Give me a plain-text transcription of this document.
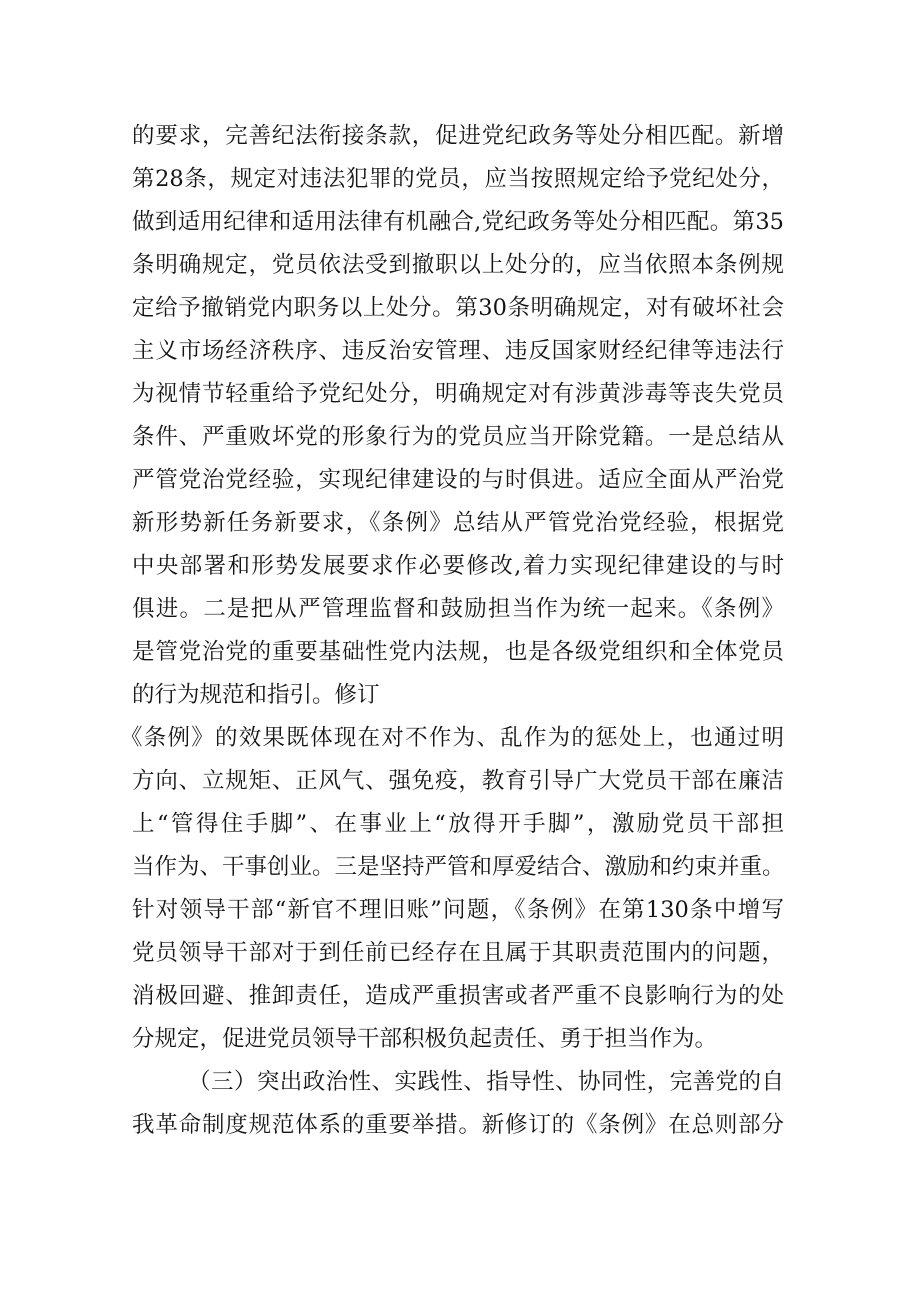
的要求，完善纪法衔接条款，促进党纪政务等处分相匹配。新增
第28条，规定对违法犯罪的党员，应当按照规定给予党纪处分，
做到适用纪律和适用法律有机融合,党纪政务等处分相匹配。第35
条明确规定，党员依法受到撤职以上处分的，应当依照本条例规
定给予撤销党内职务以上处分。第30条明确规定，对有破坏社会
主义市场经济秩序、违反治安管理、违反国家财经纪律等违法行
为视情节轻重给予党纪处分，明确规定对有涉黄涉毒等丧失党员
条件、严重败坏党的形象行为的党员应当开除党籍。一是总结从
严管党治党经验，实现纪律建设的与时俱进。适应全面从严治党
新形势新任务新要求，《条例》总结从严管党治党经验，根据党
中央部署和形势发展要求作必要修改,着力实现纪律建设的与时
俱进。二是把从严管理监督和鼓励担当作为统一起来。《条例》
是管党治党的重要基础性党内法规，也是各级党组织和全体党员
的行为规范和指引。修订
《条例》的效果既体现在对不作为、乱作为的惩处上，也通过明
方向、立规矩、正风气、强免疫，教育引导广大党员干部在廉洁
上“管得住手脚”、在事业上“放得开手脚”，激励党员干部担
当作为、干事创业。三是坚持严管和厚爱结合、激励和约束并重。
针对领导干部“新官不理旧账”问题，《条例》在第130条中增写
党员领导干部对于到任前已经存在且属于其职责范围内的问题，
消极回避、推卸责任，造成严重损害或者严重不良影响行为的处
分规定，促进党员领导干部积极负起责任、勇于担当作为。
（三）突出政治性、实践性、指导性、协同性，完善党的自
我革命制度规范体系的重要举措。新修订的《条例》在总则部分
